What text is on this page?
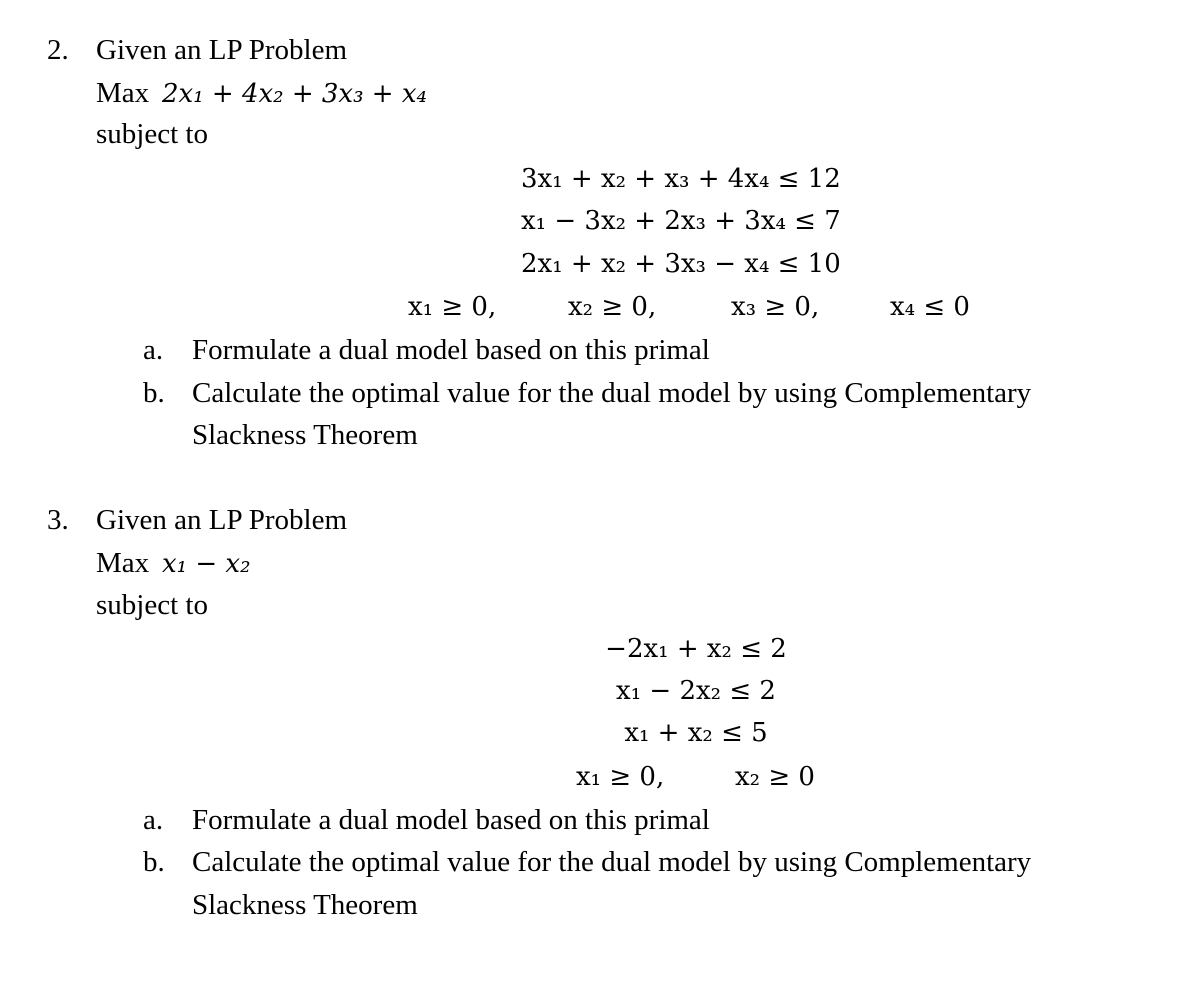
2. Given an LP Problem
Max 2x₁ + 4x₂ + 3x₃ + x₄
subject to
3x₁ + x₂ + x₃ + 4x₄ ≤ 12
x₁ − 3x₂ + 2x₃ + 3x₄ ≤ 7
2x₁ + x₂ + 3x₃ − x₄ ≤ 10
x₁ ≥ 0,	x₂ ≥ 0,	x₃ ≥ 0,	x₄ ≤ 0
a. Formulate a dual model based on this primal
b. Calculate the optimal value for the dual model by using Complementary
Slackness Theorem
3. Given an LP Problem
Max x₁ − x₂
subject to
−2x₁ + x₂ ≤ 2
x₁ − 2x₂ ≤ 2
x₁ + x₂ ≤ 5
x₁ ≥ 0,	x₂ ≥ 0
a. Formulate a dual model based on this primal
b. Calculate the optimal value for the dual model by using Complementary
Slackness Theorem
